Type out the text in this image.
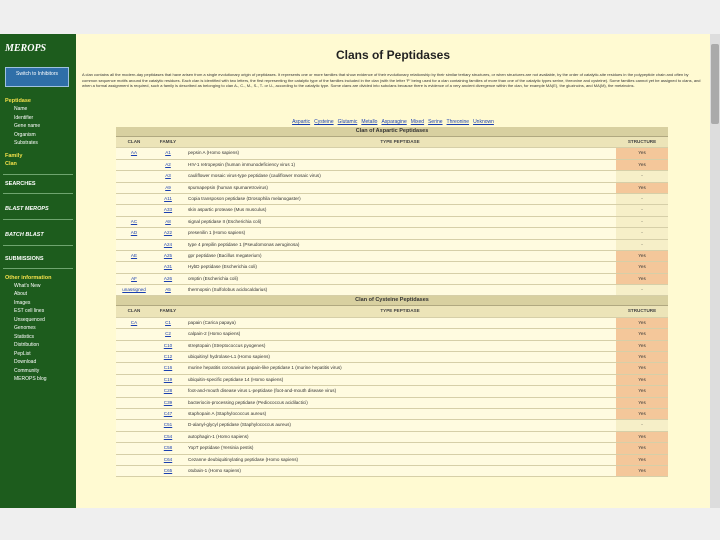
MEROPS
Switch to Inhibitors
Peptidase
Name
Identifier
Gene name
Organism
Substrates
Family
Clan
SEARCHES
BLAST MEROPS
BATCH BLAST
SUBMISSIONS
Other information
What's New
About
Images
EST cell lines
Unsequenced
Genomes
Statistics
Distribution
PepList
Download
Community
MEROPS blog
Clans of Peptidases
A clan contains all the modern-day peptidases that have arisen from a single evolutionary origin of peptidases. It represents one or more families that show evidence of their evolutionary relationship by their similar tertiary structures, or when structures are not available, by the order of catalytic-site residues in the polypeptide chain and often by common sequence motifs around the catalytic residues. Each clan is identified with two letters, the first representing the catalytic type of the families included in the clan (with the letter 'P' being used for a clan containing families of more than one of the catalytic types serine, threonine and cysteine). Some families cannot yet be assigned to clans, and when a formal assignment is required, such a family is described as belonging to clan A-, C-, M-, S-, T- or U-, according to the catalytic type. Some clans are divided into subclans because there is evidence of a very ancient divergence within the clan, for example MA(E), the gluzincins, and MA(M), the metzincins.
Aspartic Cysteine Glutamic Metallo Asparagine Mixed Serine Threonine Unknown
Clan of Aspartic Peptidases
CLAN	FAMILY	TYPE PEPTIDASE	STRUCTURE
AA	A1	pepsin A (Homo sapiens)	Yes
A2	HIV-1 retropepsin (human immunodeficiency virus 1)	Yes
A3	cauliflower mosaic virus-type peptidase (cauliflower mosaic virus)	-
A9	spumapepsin (human spumaretrovirus)	Yes
A11	Copia transposon peptidase (Drosophila melanogaster)	-
A33	skin aspartic protease (Mus musculus)	-
AC	A8	signal peptidase II (Escherichia coli)	-
AD	A22	presenilin 1 (Homo sapiens)	-
A24	type 4 prepilin peptidase 1 (Pseudomonas aeruginosa)	-
AE	A25	gpr peptidase (Bacillus megaterium)	Yes
A31	HybD peptidase (Escherichia coli)	Yes
AF	A26	omptin (Escherichia coli)	Yes
unassigned	A5	thermopsin (Sulfolobus acidocaldarius)	-
Clan of Cysteine Peptidases
CLAN	FAMILY	TYPE PEPTIDASE	STRUCTURE
CA	C1	papain (Carica papaya)	Yes
C2	calpain-2 (Homo sapiens)	Yes
C10	streptopain (Streptococcus pyogenes)	Yes
C12	ubiquitinyl hydrolase-L1 (Homo sapiens)	Yes
C16	murine hepatitis coronavirus papain-like peptidase 1 (murine hepatitis virus)	Yes
C19	ubiquitin-specific peptidase 14 (Homo sapiens)	Yes
C28	foot-and-mouth disease virus L-peptidase (foot-and-mouth disease virus)	Yes
C39	bacteriocin-processing peptidase (Pediococcus acidilactici)	Yes
C47	staphopain A (Staphylococcus aureus)	Yes
C51	D-alanyl-glycyl peptidase (Staphylococcus aureus)	-
C54	autophagin-1 (Homo sapiens)	Yes
C58	YopT peptidase (Yersinia pestis)	Yes
C64	Cezanne deubiquitinylating peptidase (Homo sapiens)	Yes
C65	otubain-1 (Homo sapiens)	Yes
